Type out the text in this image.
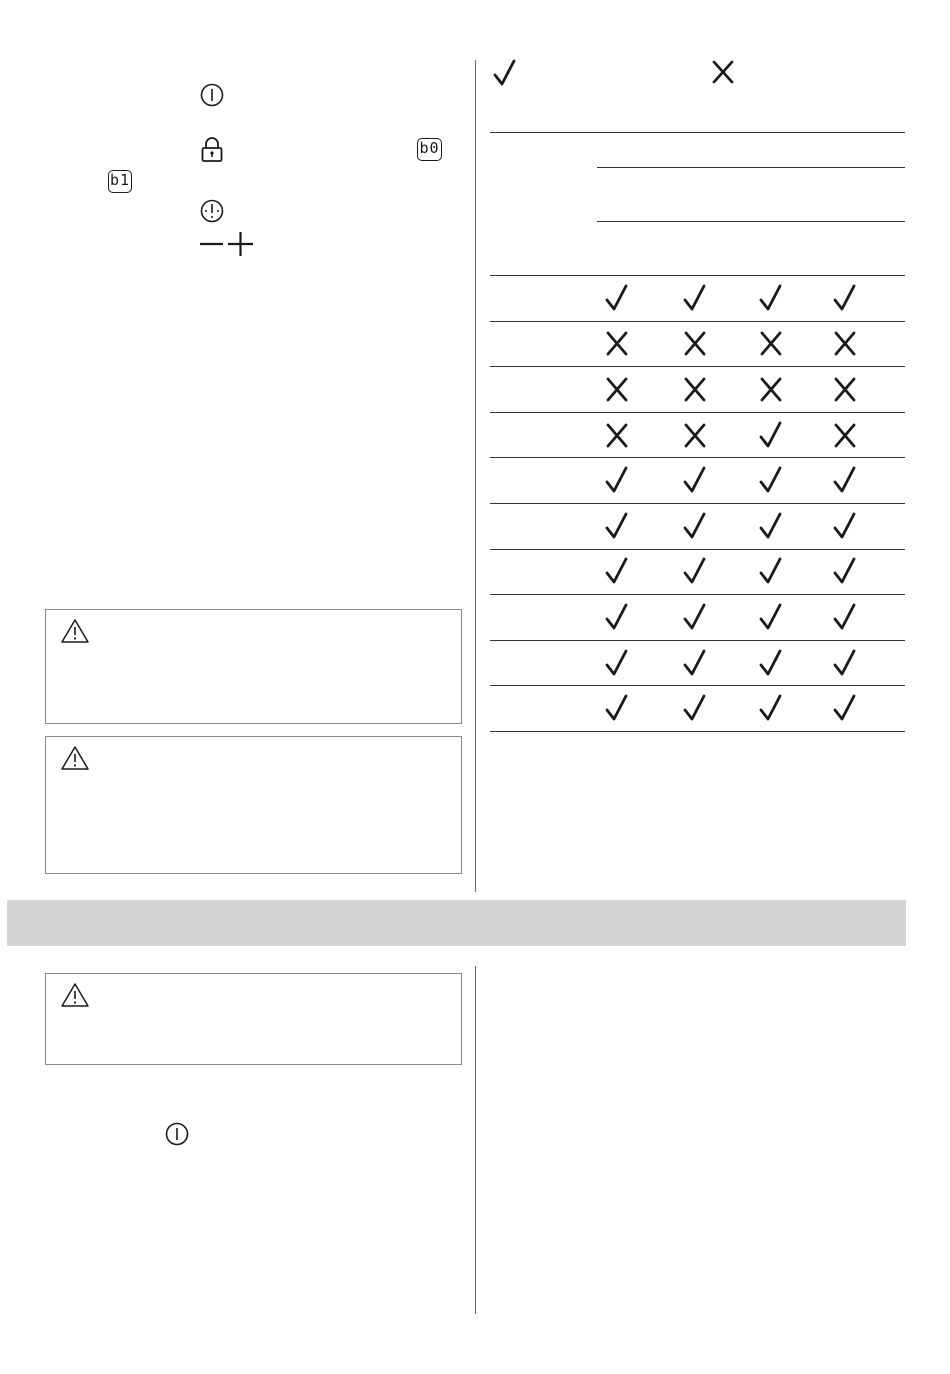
b0
b1
